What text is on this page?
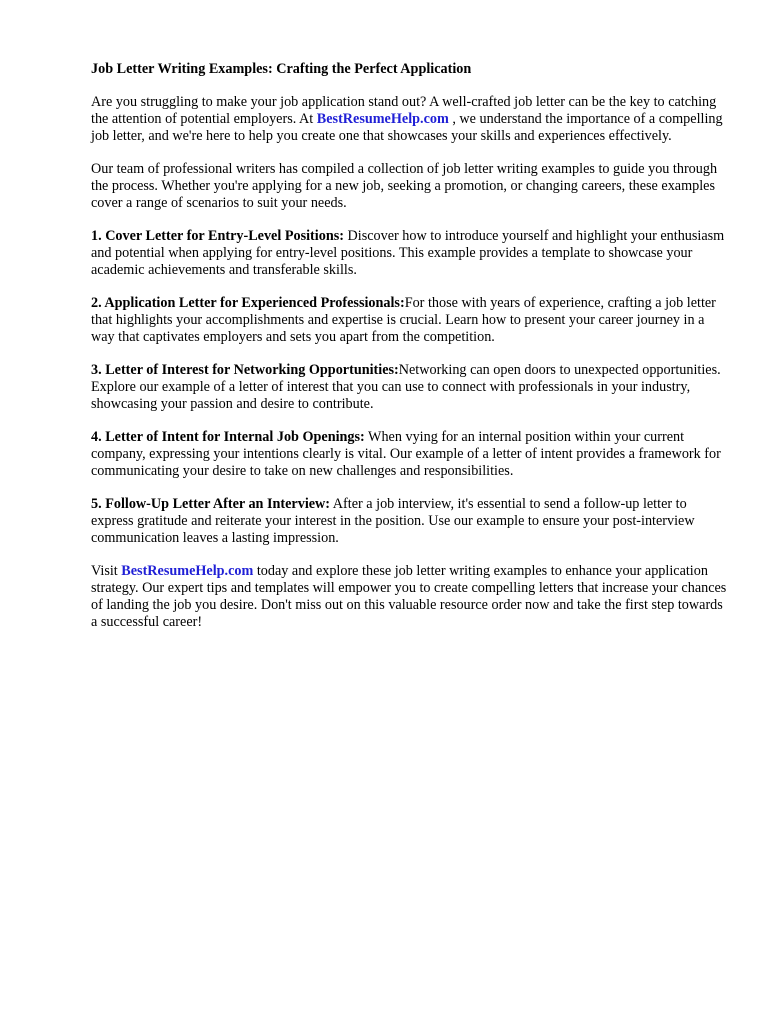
Job Letter Writing Examples: Crafting the Perfect Application

Are you struggling to make your job application stand out? A well-crafted job letter can be the key to catching the attention of potential employers. At BestResumeHelp.com , we understand the importance of a compelling job letter, and we're here to help you create one that showcases your skills and experiences effectively.

Our team of professional writers has compiled a collection of job letter writing examples to guide you through the process. Whether you're applying for a new job, seeking a promotion, or changing careers, these examples cover a range of scenarios to suit your needs.

1. Cover Letter for Entry-Level Positions: Discover how to introduce yourself and highlight your enthusiasm and potential when applying for entry-level positions. This example provides a template to showcase your academic achievements and transferable skills.

2. Application Letter for Experienced Professionals:For those with years of experience, crafting a job letter that highlights your accomplishments and expertise is crucial. Learn how to present your career journey in a way that captivates employers and sets you apart from the competition.

3. Letter of Interest for Networking Opportunities:Networking can open doors to unexpected opportunities. Explore our example of a letter of interest that you can use to connect with professionals in your industry, showcasing your passion and desire to contribute.

4. Letter of Intent for Internal Job Openings: When vying for an internal position within your current company, expressing your intentions clearly is vital. Our example of a letter of intent provides a framework for communicating your desire to take on new challenges and responsibilities.

5. Follow-Up Letter After an Interview: After a job interview, it's essential to send a follow-up letter to express gratitude and reiterate your interest in the position. Use our example to ensure your post-interview communication leaves a lasting impression.

Visit BestResumeHelp.com today and explore these job letter writing examples to enhance your application strategy. Our expert tips and templates will empower you to create compelling letters that increase your chances of landing the job you desire. Don't miss out on this valuable resource order now and take the first step towards a successful career!
